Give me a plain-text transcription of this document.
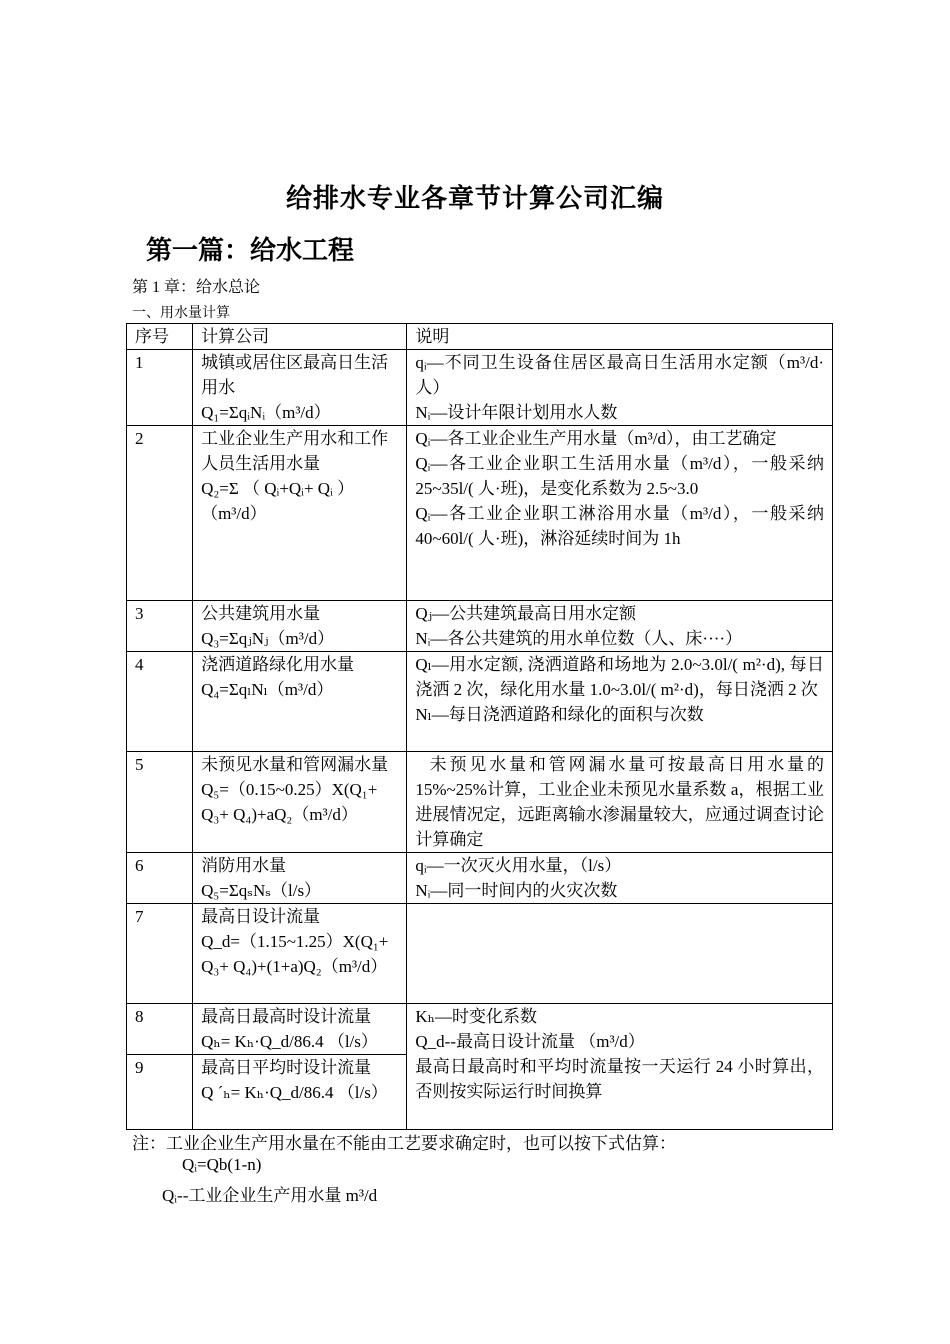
给排水专业各章节计算公司汇编
第一篇：给水工程
第 1 章：给水总论
一、用水量计算
序号	计算公司	说明
1	城镇或居住区最高日生活用水
Q₁=ΣqᵢNᵢ（m³/d）	qᵢ—不同卫生设备住居区最高日生活用水定额（m³/d·人）
Nᵢ—设计年限计划用水人数

2	工业企业生产用水和工作人员生活用水量
Q₂=Σ （ Qᵢ+Qᵢ+ Qᵢ ）（m³/d）	Qᵢ—各工业企业生产用水量（m³/d），由工艺确定
Qᵢ—各工业企业职工生活用水量（m³/d），一般采纳 25~35l/( 人·班)，是变化系数为 2.5~3.0
Qᵢ—各工业企业职工淋浴用水量（m³/d），一般采纳 40~60l/( 人·班)，淋浴延续时间为 1h

3	公共建筑用水量
Q₃=ΣqⱼNⱼ（m³/d）	Qⱼ—公共建筑最高日用水定额
Nᵢ—各公共建筑的用水单位数（人、床····）

4	浇洒道路绿化用水量
Q₄=ΣqₗNₗ（m³/d）	Qₗ—用水定额, 浇洒道路和场地为 2.0~3.0l/( m²·d), 每日浇洒 2 次，绿化用水量 1.0~3.0l/( m²·d)，每日浇洒 2 次
Nₗ—每日浇洒道路和绿化的面积与次数

5	未预见水量和管网漏水量
Q₅=（0.15~0.25）X(Q₁+ Q₃+ Q₄)+aQ₂（m³/d）	未预见水量和管网漏水量可按最高日用水量的 15%~25%计算，工业企业未预见水量系数 a，根据工业进展情况定，远距离输水渗漏量较大，应通过调查讨论计算确定

6	消防用水量
Q₅=ΣqₛNₛ（l/s）	qᵢ—一次灭火用水量，（l/s）
Nᵢ—同一时间内的火灾次数

7	最高日设计流量
Q_d=（1.15~1.25）X(Q₁+ Q₃+ Q₄)+(1+a)Q₂（m³/d）	

8	最高日最高时设计流量
Qₕ= Kₕ·Q_d/86.4 （l/s）	Kₕ—时变化系数
Q_d--最高日设计流量 （m³/d）
最高日最高时和平均时流量按一天运行 24 小时算出，否则按实际运行时间换算

9	最高日平均时设计流量
Q ˊₕ= Kₕ·Q_d/86.4 （l/s）	
注：工业企业生产用水量在不能由工艺要求确定时，也可以按下式估算：
Qᵢ=Qb(1-n)
Qᵢ--工业企业生产用水量 m³/d
